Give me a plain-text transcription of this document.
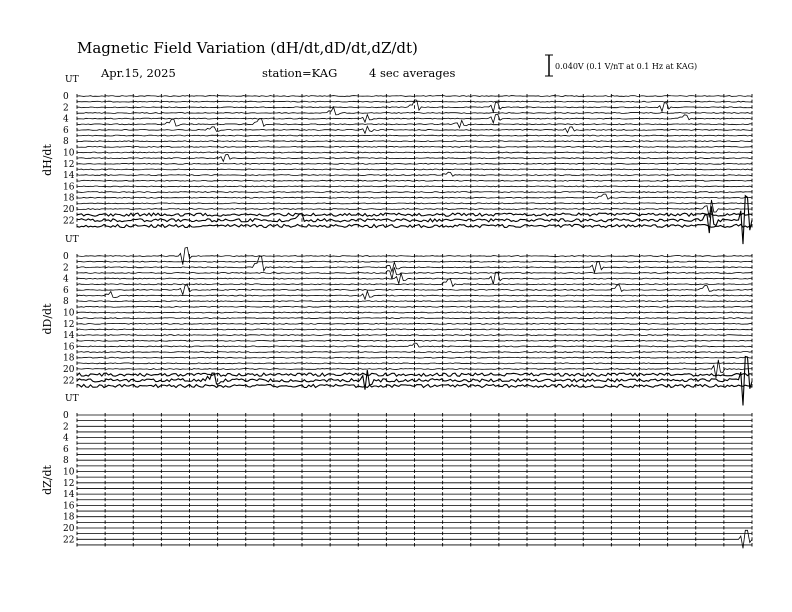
Magnetic Field Variation (dH/dt,dD/dt,dZ/dt)
Apr.15, 2025	station=KAG	4 sec averages	0.040V (0.1 V/nT at 0.1 Hz at KAG)
UT
dH/dt
0
2
4
6
8
10
12
14
16
18
20
22
UT
dD/dt
0
2
4
6
8
10
12
14
16
18
20
22
UT
dZ/dt
0
2
4
6
8
10
12
14
16
18
20
22
